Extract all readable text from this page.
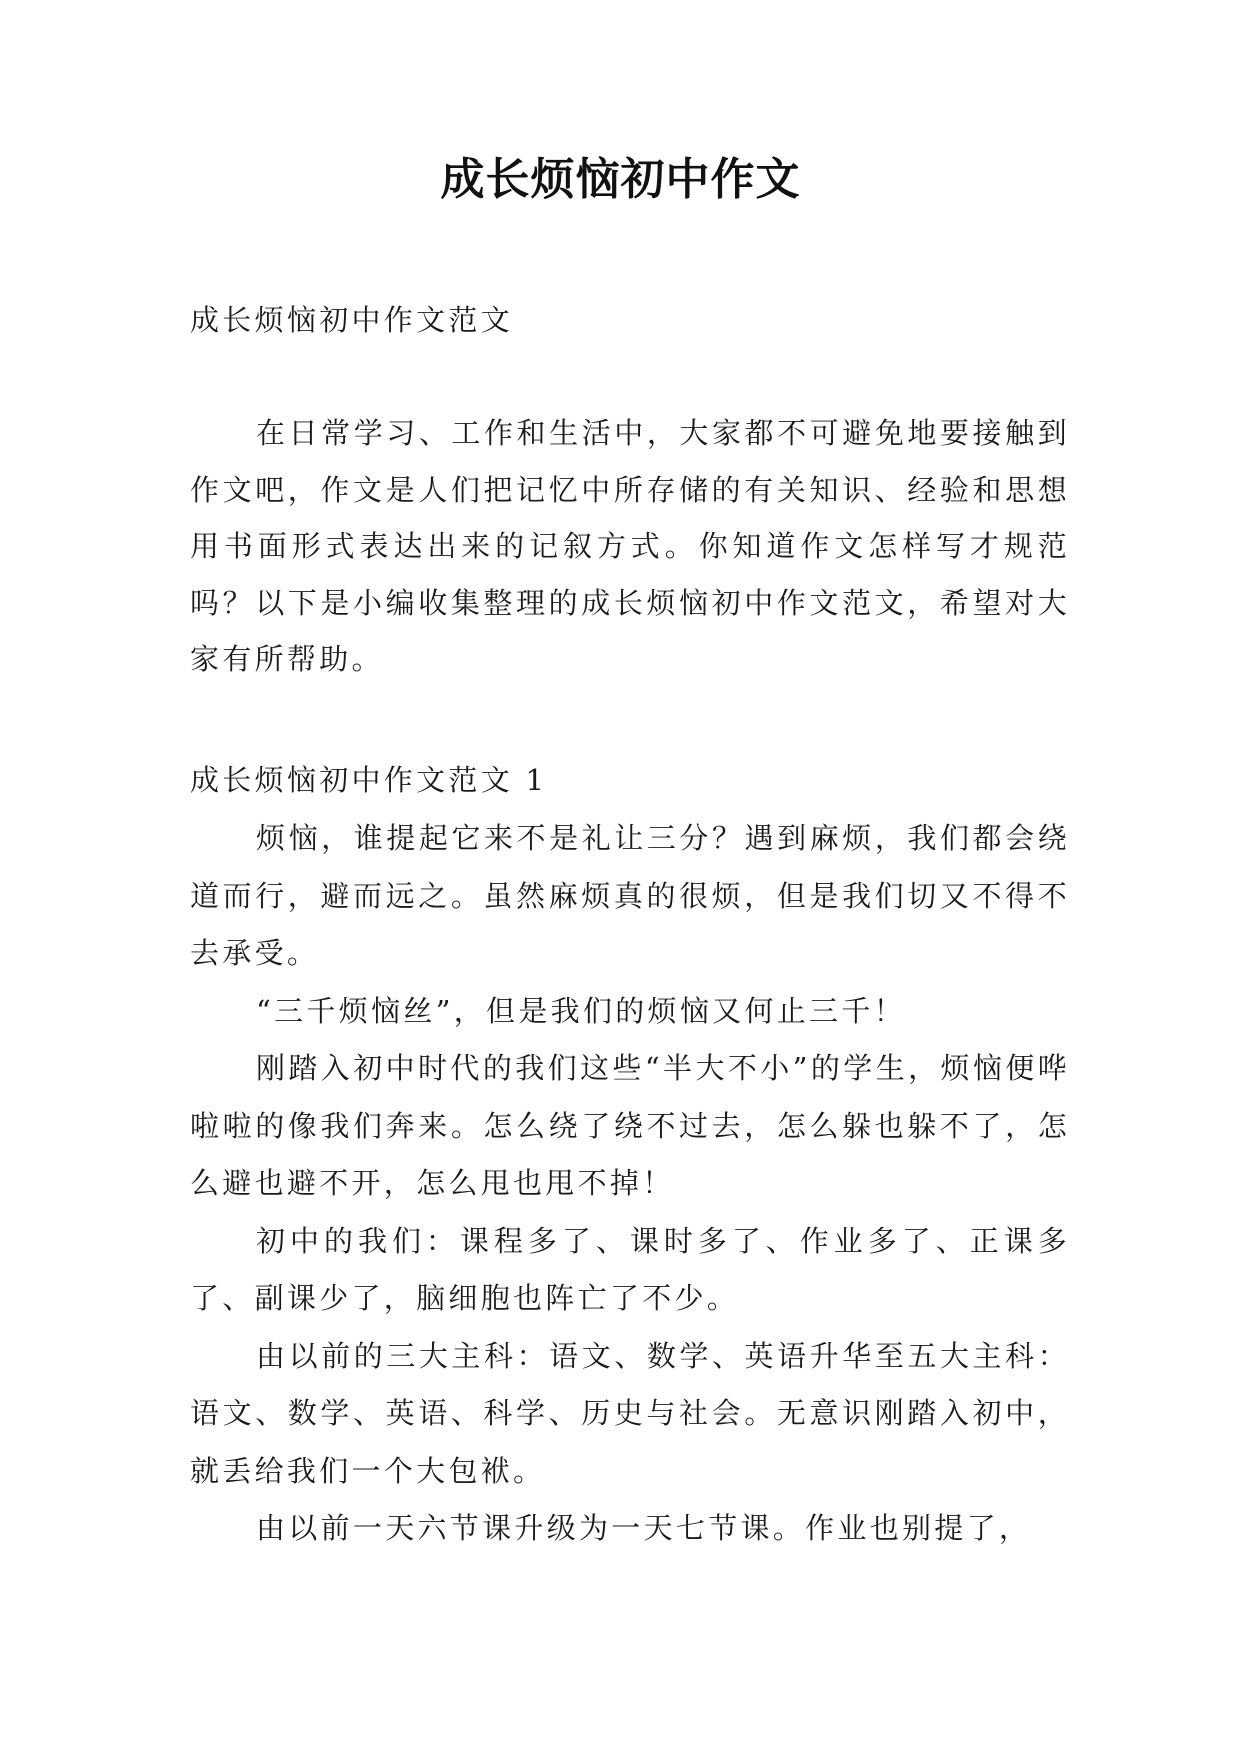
成长烦恼初中作文

成长烦恼初中作文范文

在日常学习、工作和生活中，大家都不可避免地要接触到作文吧，作文是人们把记忆中所存储的有关知识、经验和思想用书面形式表达出来的记叙方式。你知道作文怎样写才规范吗？以下是小编收集整理的成长烦恼初中作文范文，希望对大家有所帮助。

成长烦恼初中作文范文 1

烦恼，谁提起它来不是礼让三分？遇到麻烦，我们都会绕道而行，避而远之。虽然麻烦真的很烦，但是我们切又不得不去承受。

“三千烦恼丝”，但是我们的烦恼又何止三千！

刚踏入初中时代的我们这些“半大不小”的学生，烦恼便哗啦啦的像我们奔来。怎么绕了绕不过去，怎么躲也躲不了，怎么避也避不开，怎么甩也甩不掉！

初中的我们：课程多了、课时多了、作业多了、正课多了、副课少了，脑细胞也阵亡了不少。

由以前的三大主科：语文、数学、英语升华至五大主科：语文、数学、英语、科学、历史与社会。无意识刚踏入初中，就丢给我们一个大包袱。

由以前一天六节课升级为一天七节课。作业也别提了，
